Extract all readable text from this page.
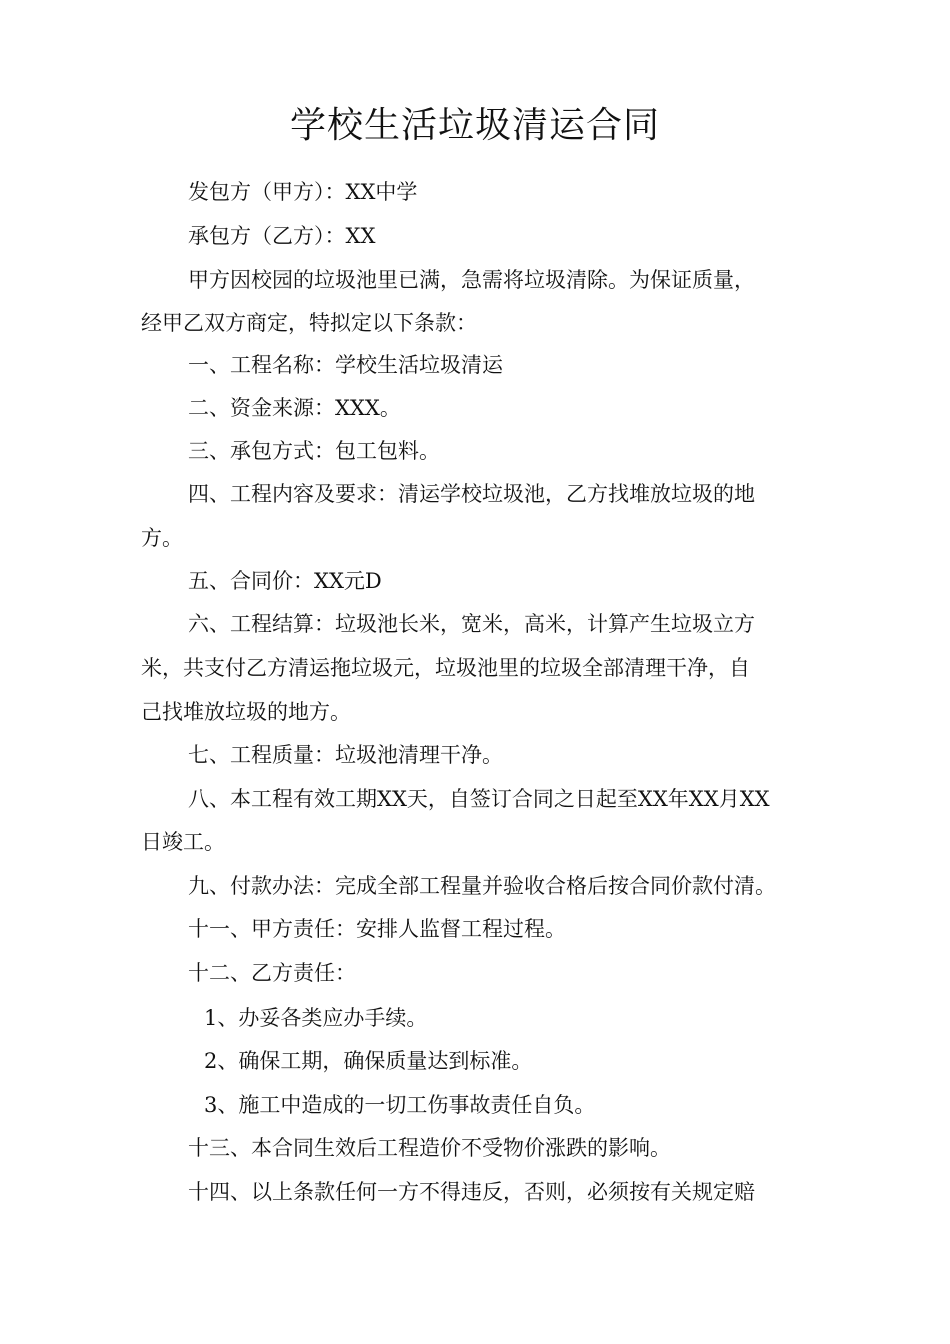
学校生活垃圾清运合同
发包方（甲方）：XX中学
承包方（乙方）：XX
甲方因校园的垃圾池里已满，急需将垃圾清除。为保证质量，
经甲乙双方商定，特拟定以下条款：
一、工程名称：学校生活垃圾清运
二、资金来源：XXX。
三、承包方式：包工包料。
四、工程内容及要求：清运学校垃圾池，乙方找堆放垃圾的地
方。
五、合同价：XX元D
六、工程结算：垃圾池长米，宽米，高米，计算产生垃圾立方
米，共支付乙方清运拖垃圾元，垃圾池里的垃圾全部清理干净，自
己找堆放垃圾的地方。
七、工程质量：垃圾池清理干净。
八、本工程有效工期XX天，自签订合同之日起至XX年XX月XX
日竣工。
九、付款办法：完成全部工程量并验收合格后按合同价款付清。
十一、甲方责任：安排人监督工程过程。
十二、乙方责任：
1、办妥各类应办手续。
2、确保工期，确保质量达到标准。
3、施工中造成的一切工伤事故责任自负。
十三、本合同生效后工程造价不受物价涨跌的影响。
十四、以上条款任何一方不得违反，否则，必须按有关规定赔
